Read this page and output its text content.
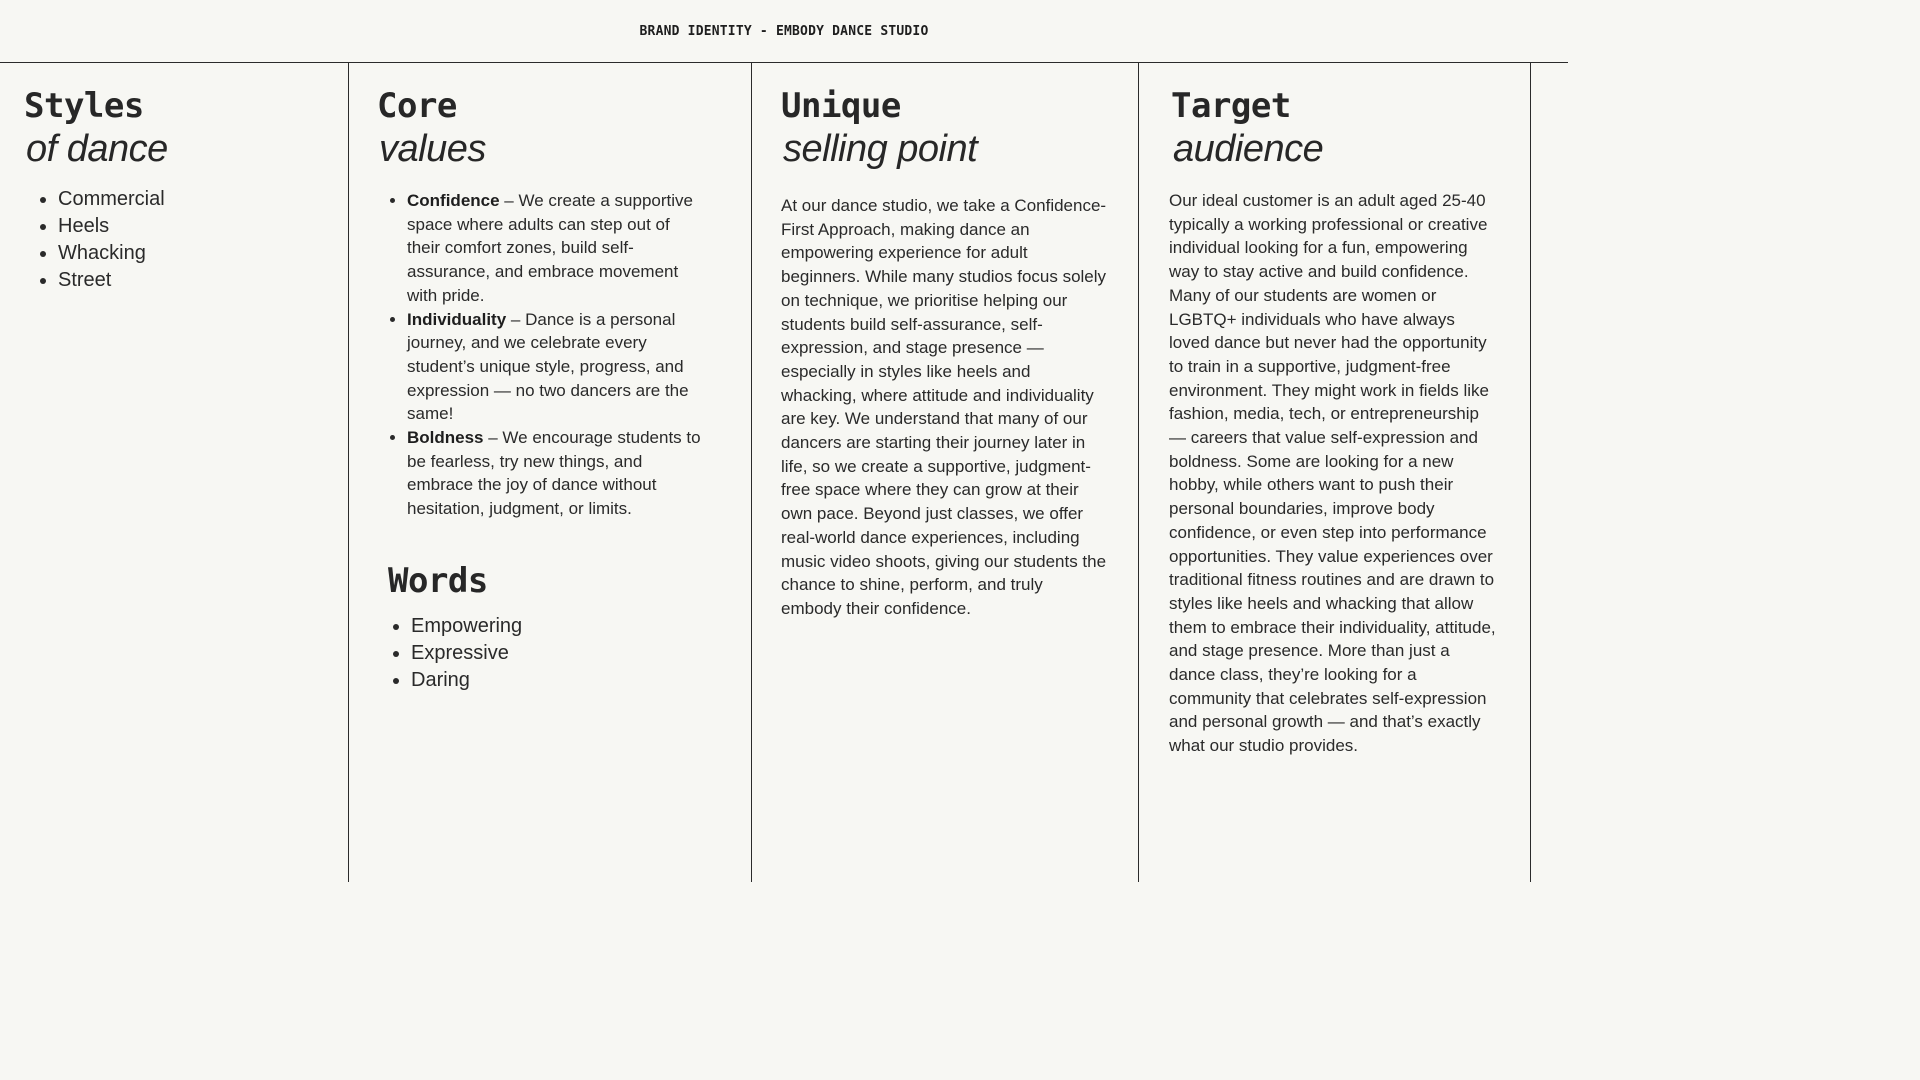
BRAND IDENTITY - EMBODY DANCE STUDIO
Styles
of dance
• Commercial
• Heels
• Whacking
• Street
Core
values
• Confidence – We create a supportive space where adults can step out of their comfort zones, build self-assurance, and embrace movement with pride.
• Individuality – Dance is a personal journey, and we celebrate every student’s unique style, progress, and expression — no two dancers are the same!
• Boldness – We encourage students to be fearless, try new things, and embrace the joy of dance without hesitation, judgment, or limits.
Words
• Empowering
• Expressive
• Daring
Unique
selling point

At our dance studio, we take a Confidence-First Approach, making dance an empowering experience for adult beginners. While many studios focus solely on technique, we prioritise helping our students build self-assurance, self-expression, and stage presence — especially in styles like heels and whacking, where attitude and individuality are key. We understand that many of our dancers are starting their journey later in life, so we create a supportive, judgment-free space where they can grow at their own pace. Beyond just classes, we offer real-world dance experiences, including music video shoots, giving our students the chance to shine, perform, and truly embody their confidence.

Target
audience

Our ideal customer is an adult aged 25-40 typically a working professional or creative individual looking for a fun, empowering way to stay active and build confidence. Many of our students are women or LGBTQ+ individuals who have always loved dance but never had the opportunity to train in a supportive, judgment-free environment. They might work in fields like fashion, media, tech, or entrepreneurship — careers that value self-expression and boldness. Some are looking for a new hobby, while others want to push their personal boundaries, improve body confidence, or even step into performance opportunities. They value experiences over traditional fitness routines and are drawn to styles like heels and whacking that allow them to embrace their individuality, attitude, and stage presence. More than just a dance class, they’re looking for a community that celebrates self-expression and personal growth — and that’s exactly what our studio provides.
